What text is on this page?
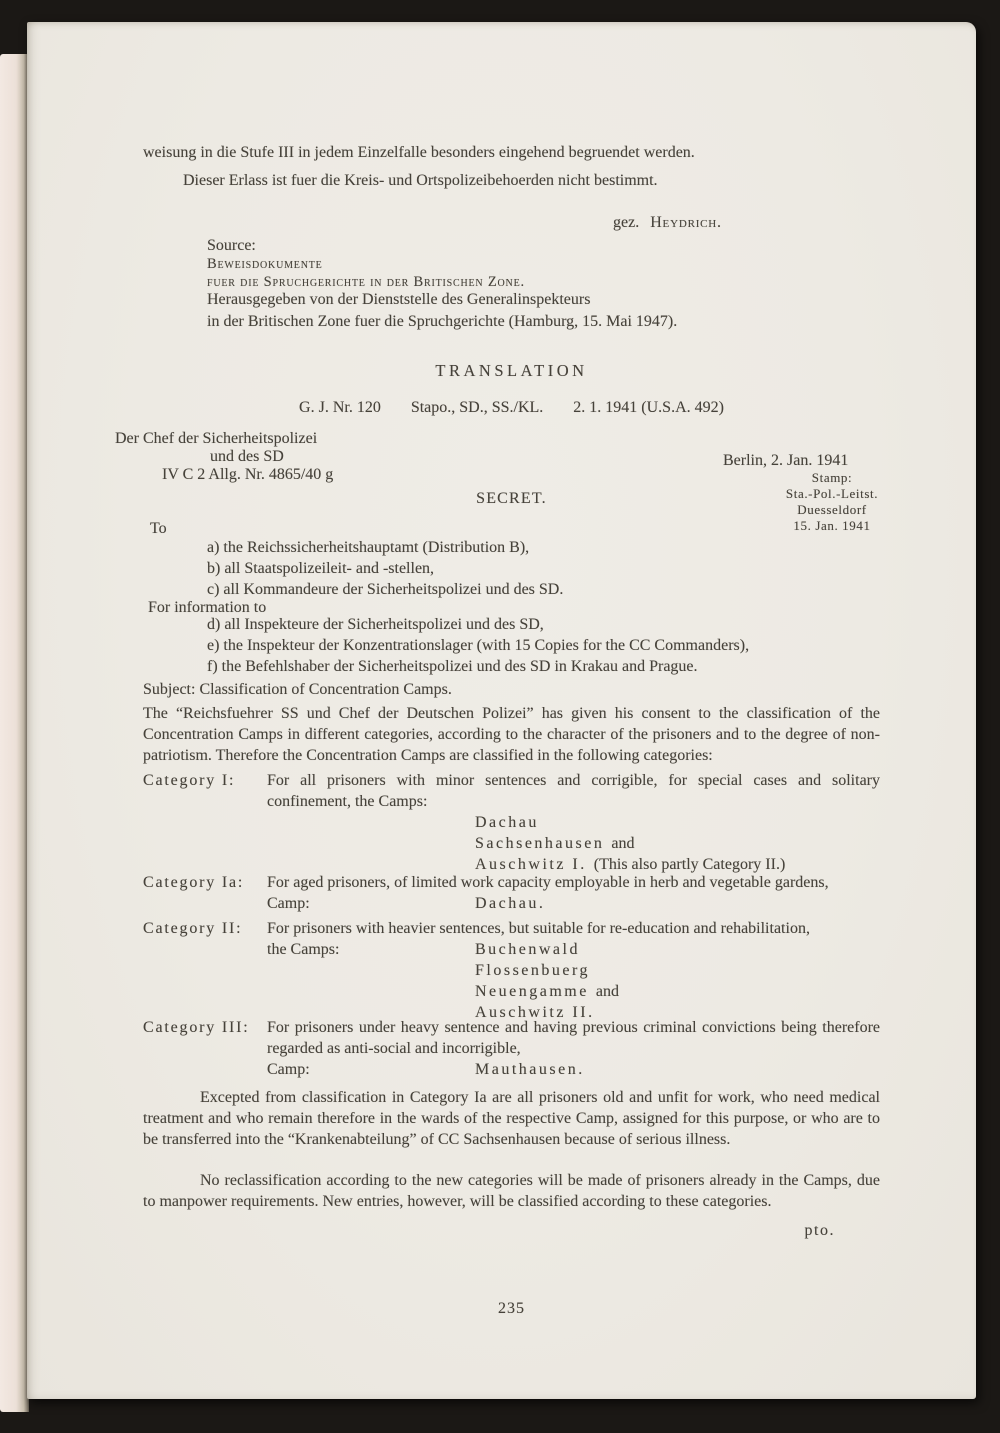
weisung in die Stufe III in jedem Einzelfalle besonders eingehend begruendet werden.
Dieser Erlass ist fuer die Kreis- und Ortspolizeibehoerden nicht bestimmt.
gez. Heydrich.
Source:
Beweisdokumente
fuer die Spruchgerichte in der Britischen Zone.
Herausgegeben von der Dienststelle des Generalinspekteurs
in der Britischen Zone fuer die Spruchgerichte (Hamburg, 15. Mai 1947).
TRANSLATION
G. J. Nr. 120 Stapo., SD., SS./KL. 2. 1. 1941 (U.S.A. 492)
Der Chef der Sicherheitspolizei
und des SD
IV C 2 Allg. Nr. 4865/40 g
Berlin, 2. Jan. 1941
Stamp:
Sta.-Pol.-Leitst.
Duesseldorf
15. Jan. 1941
SECRET.
To
a) the Reichssicherheitshauptamt (Distribution B),
b) all Staatspolizeileit- and -stellen,
c) all Kommandeure der Sicherheitspolizei und des SD.
For information to
d) all Inspekteure der Sicherheitspolizei und des SD,
e) the Inspekteur der Konzentrationslager (with 15 Copies for the CC Commanders),
f) the Befehlshaber der Sicherheitspolizei und des SD in Krakau and Prague.
Subject: Classification of Concentration Camps.
The “Reichsfuehrer SS und Chef der Deutschen Polizei” has given his consent to the classification of the Concentration Camps in different categories, according to the character of the prisoners and to the degree of non-patriotism. Therefore the Concentration Camps are classified in the following categories:
Category I:	For all prisoners with minor sentences and corrigible, for special cases and solitary confinement, the Camps:
Dachau
Sachsenhausen and
Auschwitz I. (This also partly Category II.)
Category Ia:	For aged prisoners, of limited work capacity employable in herb and vegetable gardens,
Camp:	Dachau.
Category II:	For prisoners with heavier sentences, but suitable for re-education and rehabilitation,
the Camps:	Buchenwald
Flossenbuerg
Neuengamme and
Auschwitz II.
Category III:	For prisoners under heavy sentence and having previous criminal convictions being therefore regarded as anti-social and incorrigible,
Camp:	Mauthausen.
Excepted from classification in Category Ia are all prisoners old and unfit for work, who need medical treatment and who remain therefore in the wards of the respective Camp, assigned for this purpose, or who are to be transferred into the “Krankenabteilung” of CC Sachsenhausen because of serious illness.
No reclassification according to the new categories will be made of prisoners already in the Camps, due to manpower requirements. New entries, however, will be classified according to these categories.
pto.
235
